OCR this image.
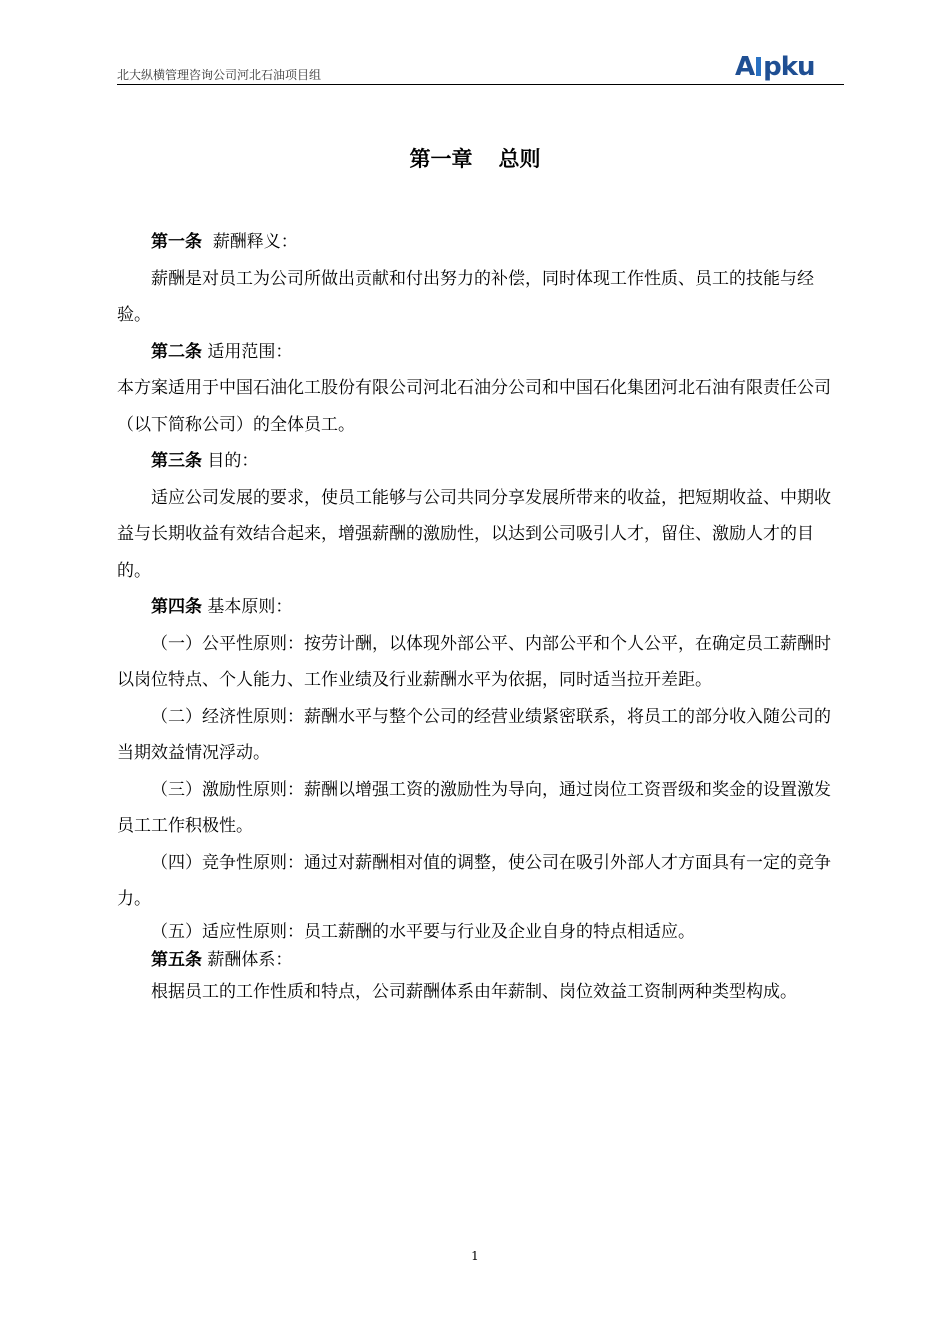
北大纵横管理咨询公司河北石油项目组	A pku
第一章 总则

第一条 薪酬释义：

薪酬是对员工为公司所做出贡献和付出努力的补偿，同时体现工作性质、员工的技能与经验。

第二条 适用范围：

本方案适用于中国石油化工股份有限公司河北石油分公司和中国石化集团河北石油有限责任公司（以下简称公司）的全体员工。

第三条 目的：

适应公司发展的要求，使员工能够与公司共同分享发展所带来的收益，把短期收益、中期收益与长期收益有效结合起来，增强薪酬的激励性，以达到公司吸引人才，留住、激励人才的目的。

第四条 基本原则：

（一）公平性原则：按劳计酬，以体现外部公平、内部公平和个人公平，在确定员工薪酬时以岗位特点、个人能力、工作业绩及行业薪酬水平为依据，同时适当拉开差距。

（二）经济性原则：薪酬水平与整个公司的经营业绩紧密联系，将员工的部分收入随公司的当期效益情况浮动。

（三）激励性原则：薪酬以增强工资的激励性为导向，通过岗位工资晋级和奖金的设置激发员工工作积极性。

（四）竞争性原则：通过对薪酬相对值的调整，使公司在吸引外部人才方面具有一定的竞争力。

（五）适应性原则：员工薪酬的水平要与行业及企业自身的特点相适应。

第五条 薪酬体系：

根据员工的工作性质和特点，公司薪酬体系由年薪制、岗位效益工资制两种类型构成。

1
